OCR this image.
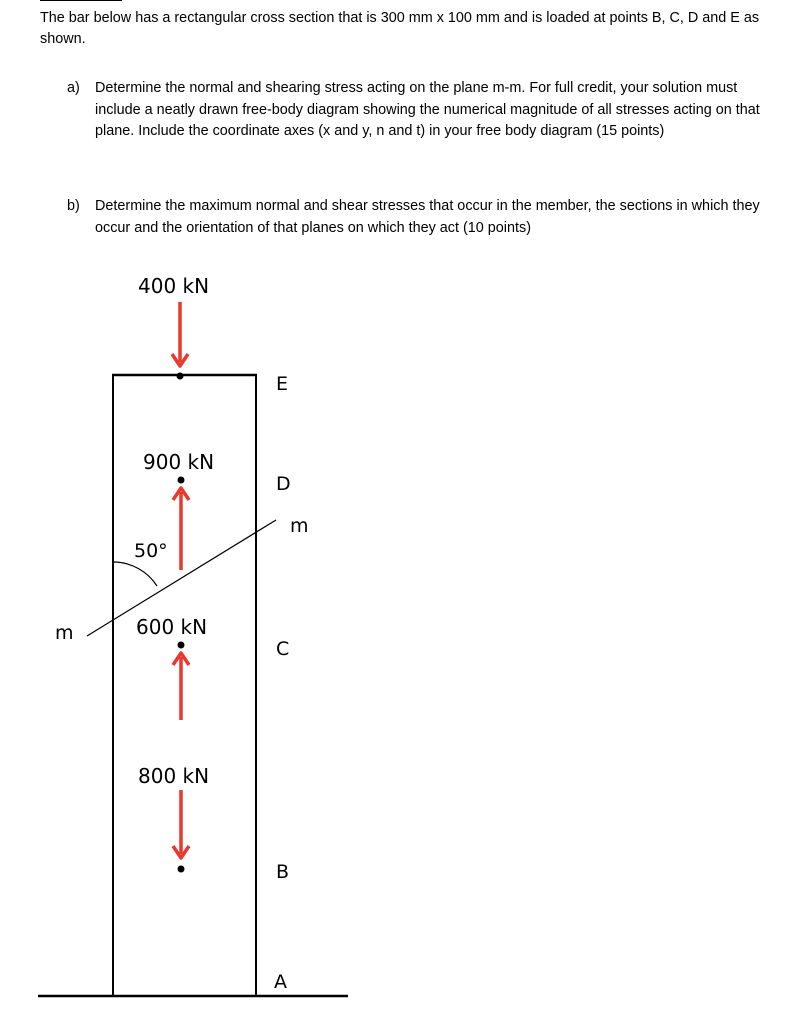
The bar below has a rectangular cross section that is 300 mm x 100 mm and is loaded at points B, C, D and E as shown.

a) Determine the normal and shearing stress acting on the plane m-m. For full credit, your solution must include a neatly drawn free-body diagram showing the numerical magnitude of all stresses acting on that plane. Include the coordinate axes (x and y, n and t) in your free body diagram (15 points)
b) Determine the maximum normal and shear stresses that occur in the member, the sections in which they occur and the orientation of that planes on which they act (10 points)
400 kN
900 kN
600 kN
800 kN
50°
E
D
C
B
A
m
m
